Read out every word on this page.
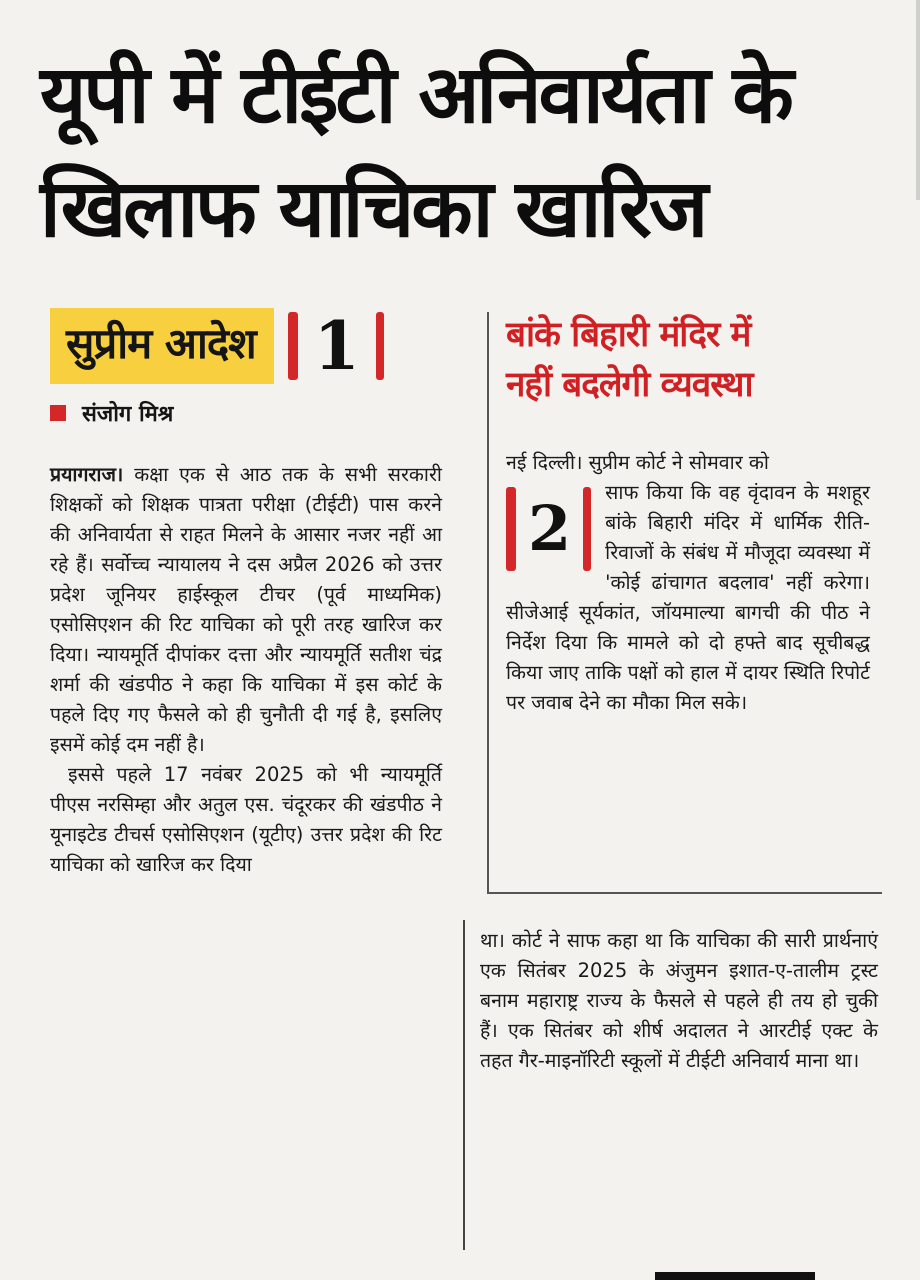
यूपी में टीईटी अनिवार्यता के
खिलाफ याचिका खारिज
सुप्रीम आदेश 1
संजोग मिश्र

प्रयागराज। कक्षा एक से आठ तक के सभी सरकारी शिक्षकों को शिक्षक पात्रता परीक्षा (टीईटी) पास करने की अनिवार्यता से राहत मिलने के आसार नजर नहीं आ रहे हैं। सर्वोच्च न्यायालय ने दस अप्रैल 2026 को उत्तर प्रदेश जूनियर हाईस्कूल टीचर (पूर्व माध्यमिक) एसोसिएशन की रिट याचिका को पूरी तरह खारिज कर दिया। न्यायमूर्ति दीपांकर दत्ता और न्यायमूर्ति सतीश चंद्र शर्मा की खंडपीठ ने कहा कि याचिका में इस कोर्ट के पहले दिए गए फैसले को ही चुनौती दी गई है, इसलिए इसमें कोई दम नहीं है।

इससे पहले 17 नवंबर 2025 को भी न्यायमूर्ति पीएस नरसिम्हा और अतुल एस. चंदूरकर की खंडपीठ ने यूनाइटेड टीचर्स एसोसिएशन (यूटीए) उत्तर प्रदेश की रिट याचिका को खारिज कर दिया

बांके बिहारी मंदिर में
नहीं बदलेगी व्यवस्था

नई दिल्ली। सुप्रीम कोर्ट ने सोमवार को

2	साफ किया कि वह वृंदावन के मशहूर बांके बिहारी मंदिर में धार्मिक रीति-रिवाजों के संबंध में मौजूदा व्यवस्था में 'कोई ढांचागत बदलाव' नहीं करेगा। सीजेआई सूर्यकांत, जॉयमाल्या बागची की पीठ ने निर्देश दिया कि मामले को दो हफ्ते बाद सूचीबद्ध किया जाए ताकि पक्षों को हाल में दायर स्थिति रिपोर्ट पर जवाब देने का मौका मिल सके।

था। कोर्ट ने साफ कहा था कि याचिका की सारी प्रार्थनाएं एक सितंबर 2025 के अंजुमन इशात-ए-तालीम ट्रस्ट बनाम महाराष्ट्र राज्य के फैसले से पहले ही तय हो चुकी हैं। एक सितंबर को शीर्ष अदालत ने आरटीई एक्ट के तहत गैर-माइनॉरिटी स्कूलों में टीईटी अनिवार्य माना था।
